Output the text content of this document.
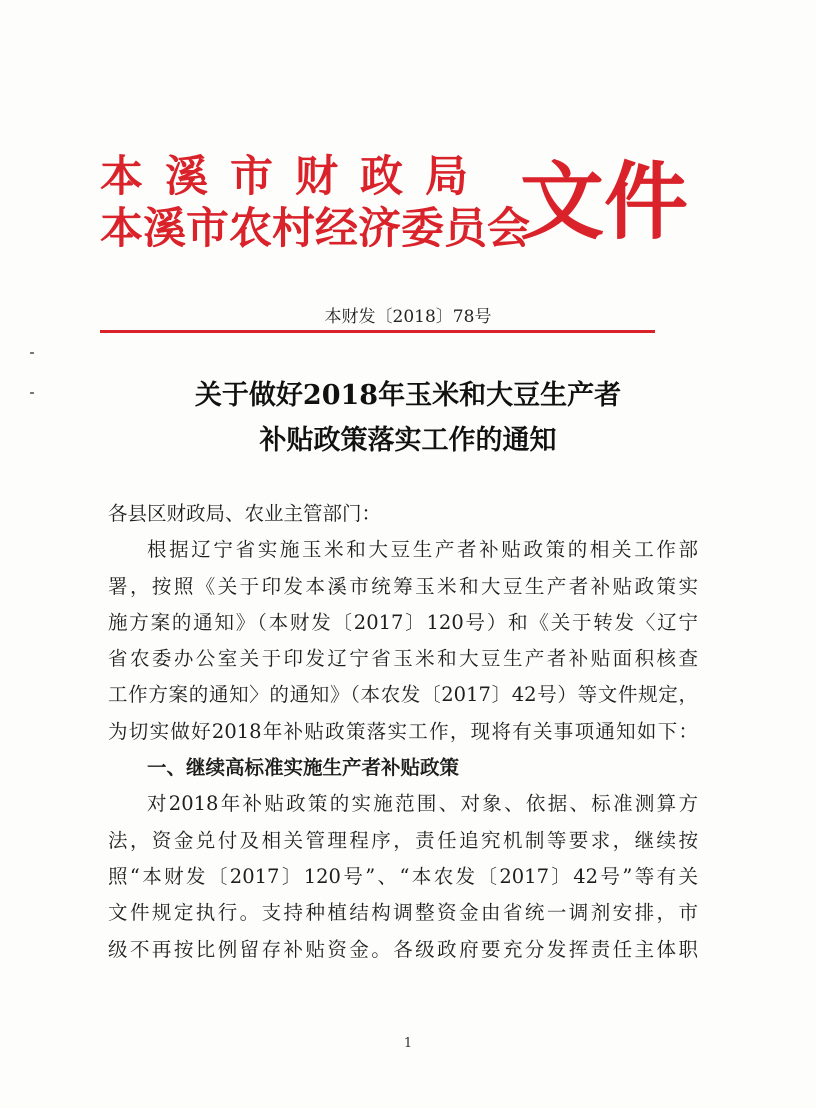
本溪市财政局

本溪市农村经济委员会

文件

本财发〔2018〕78号
关于做好2018年玉米和大豆生产者
补贴政策落实工作的通知
各县区财政局、农业主管部门：
根据辽宁省实施玉米和大豆生产者补贴政策的相关工作部
署，按照《关于印发本溪市统筹玉米和大豆生产者补贴政策实
施方案的通知》（本财发〔2017〕120号）和《关于转发〈辽宁
省农委办公室关于印发辽宁省玉米和大豆生产者补贴面积核查
工作方案的通知〉的通知》（本农发〔2017〕42号）等文件规定，
为切实做好2018年补贴政策落实工作，现将有关事项通知如下：
一、继续高标准实施生产者补贴政策
对2018年补贴政策的实施范围、对象、依据、标准测算方
法，资金兑付及相关管理程序，责任追究机制等要求，继续按
照“本财发〔2017〕120号”、“本农发〔2017〕42号”等有关
文件规定执行。支持种植结构调整资金由省统一调剂安排，市
级不再按比例留存补贴资金。各级政府要充分发挥责任主体职
1
